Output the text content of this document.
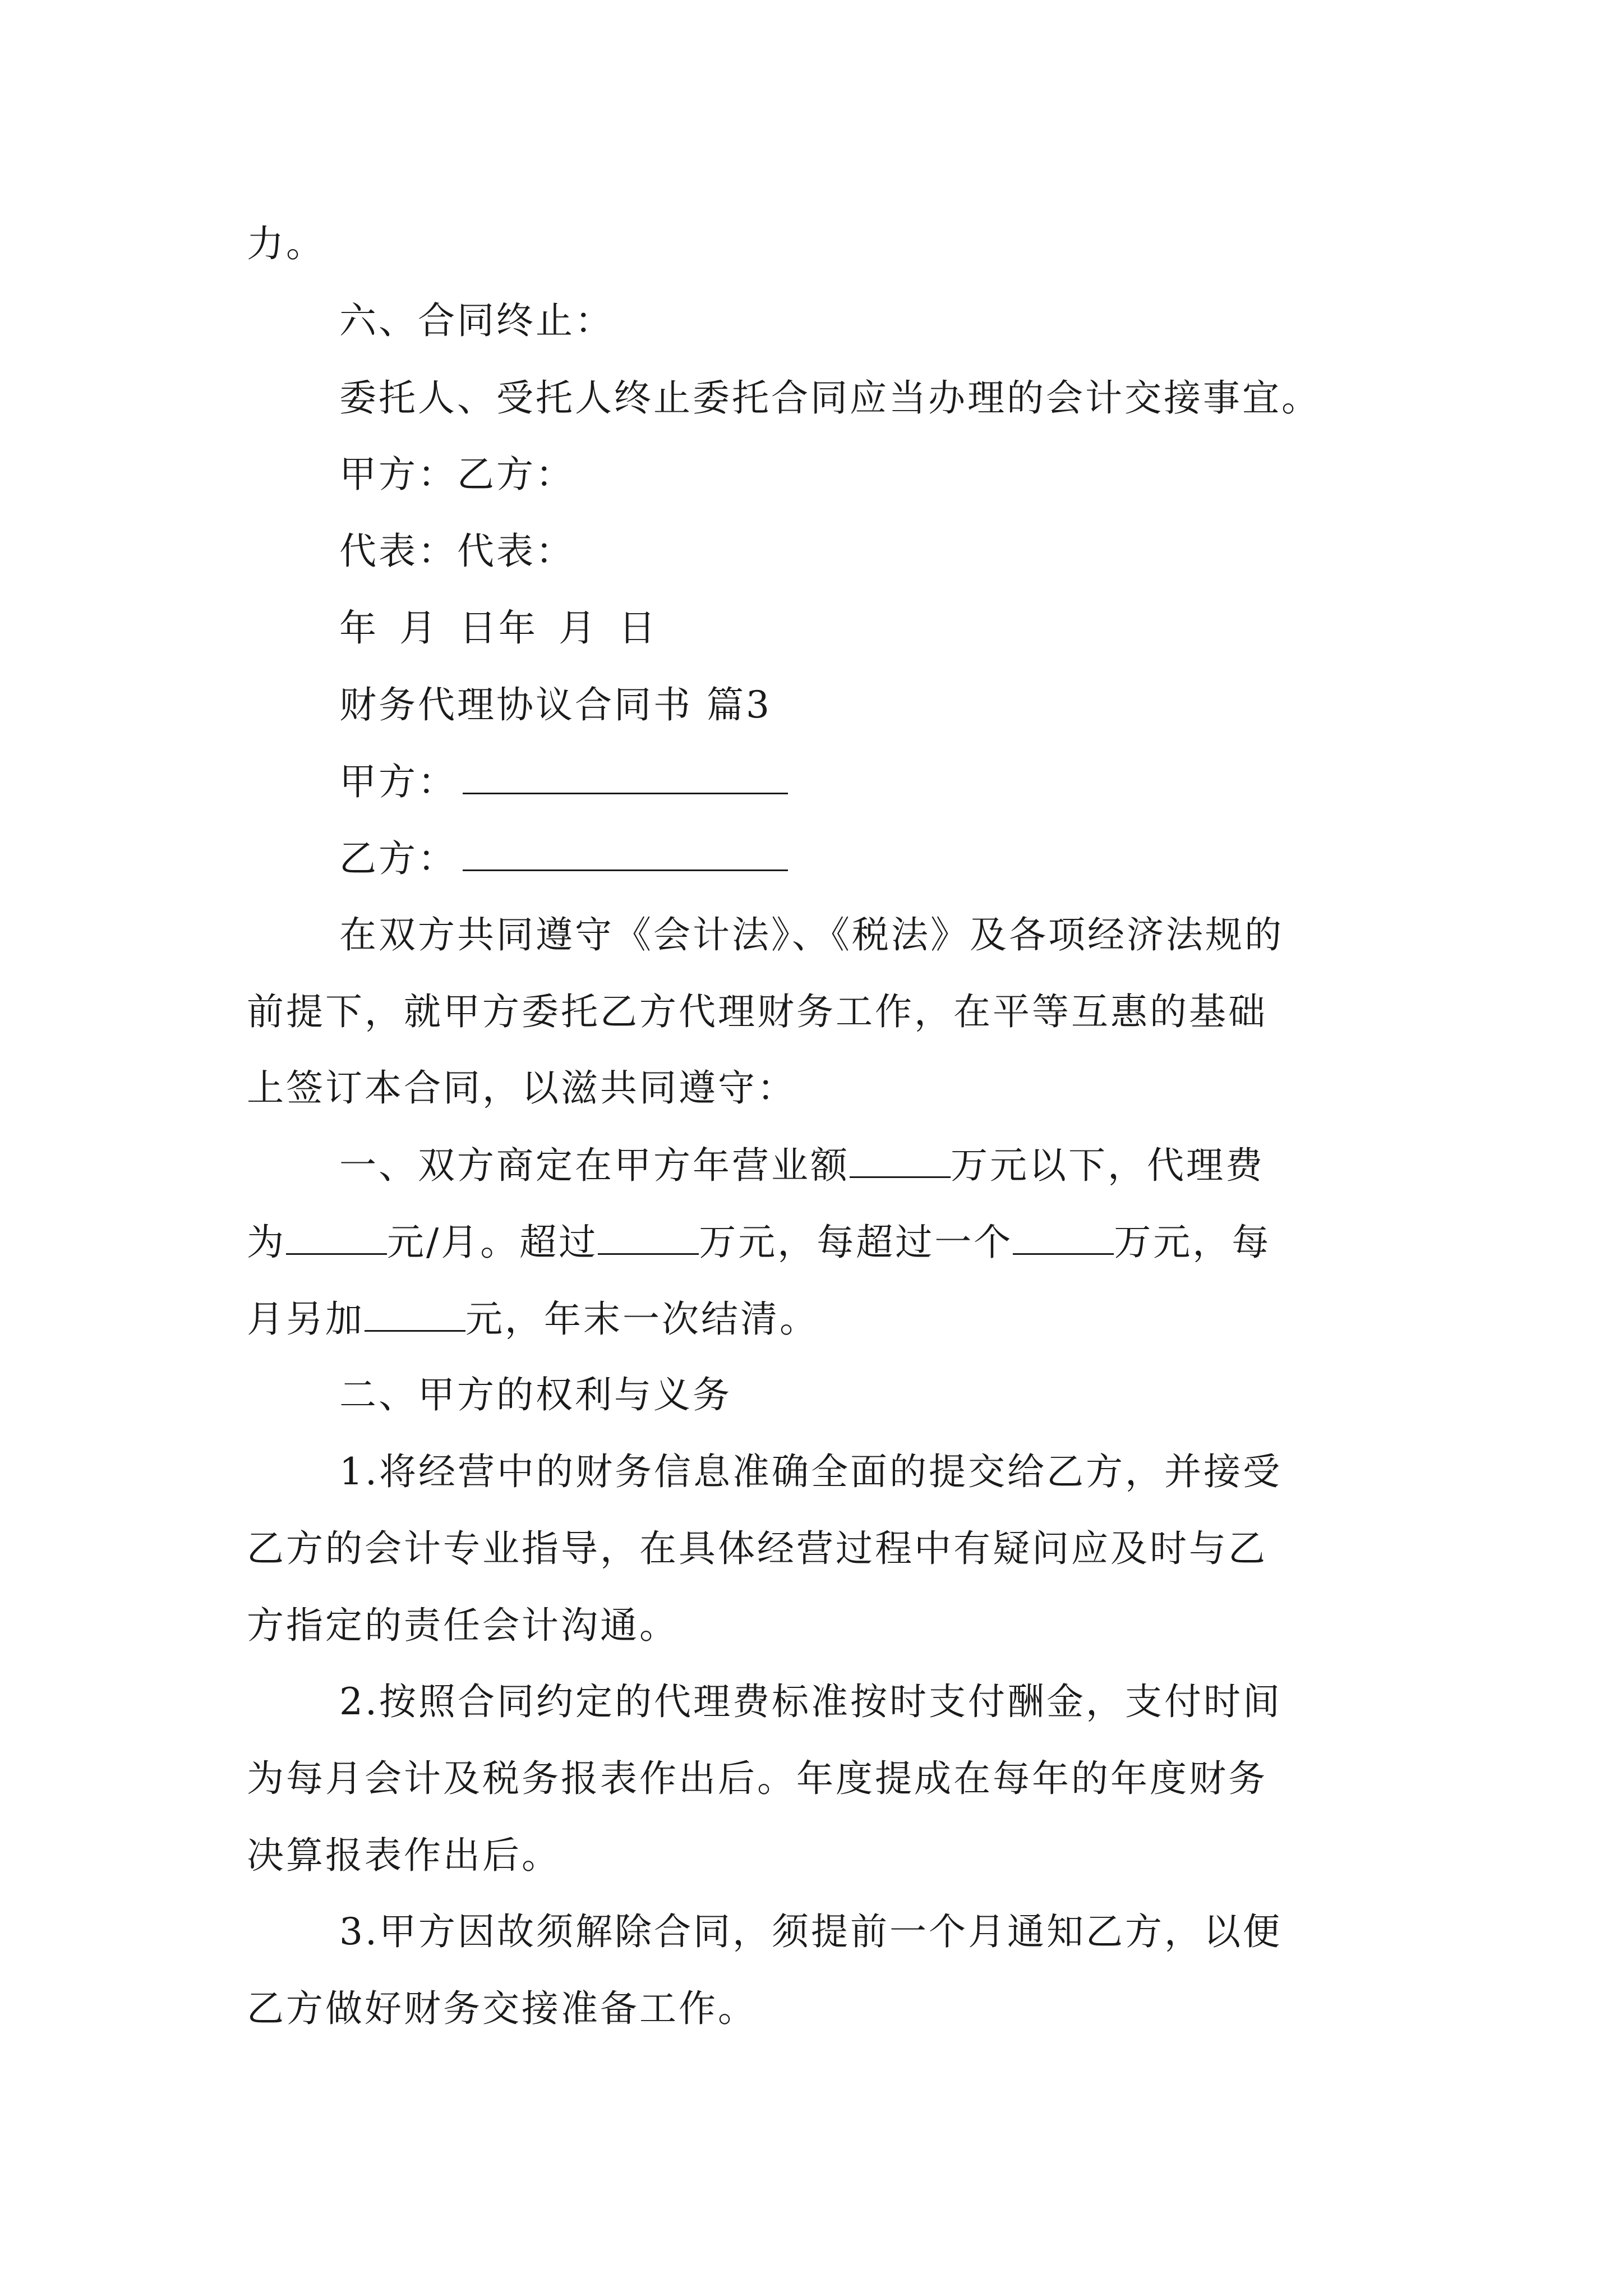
力。
六、合同终止：
委托人、受托人终止委托合同应当办理的会计交接事宜。
甲方：乙方：
代表：代表：
年 月 日年 月 日
财务代理协议合同书 篇3
甲方：
乙方：
在双方共同遵守《会计法》、《税法》及各项经济法规的
前提下，就甲方委托乙方代理财务工作，在平等互惠的基础
上签订本合同，以滋共同遵守：
一、双方商定在甲方年营业额	万元以下，代理费
为	元/月。超过	万元，每超过一个	万元，每
月另加	元，年末一次结清。
二、甲方的权利与义务
1.将经营中的财务信息准确全面的提交给乙方，并接受
乙方的会计专业指导，在具体经营过程中有疑问应及时与乙
方指定的责任会计沟通。
2.按照合同约定的代理费标准按时支付酬金，支付时间
为每月会计及税务报表作出后。年度提成在每年的年度财务
决算报表作出后。
3.甲方因故须解除合同，须提前一个月通知乙方，以便
乙方做好财务交接准备工作。
